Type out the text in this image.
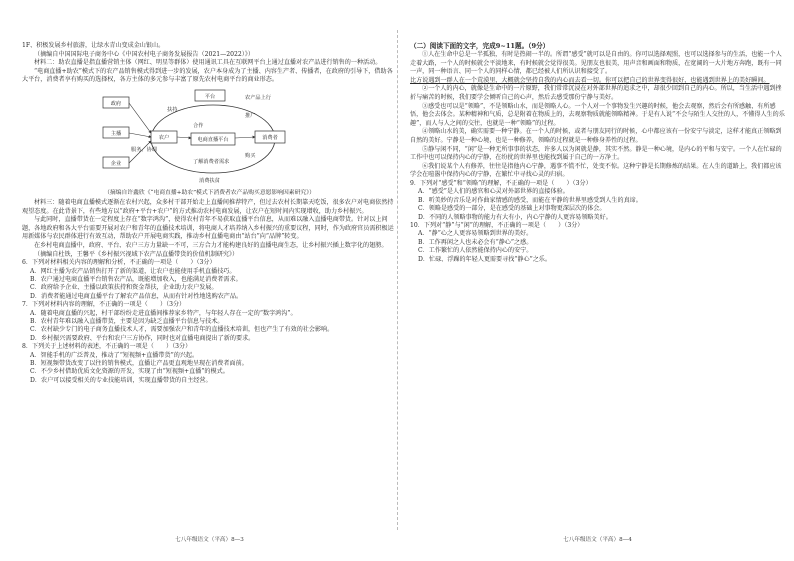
1F、积极发展乡村旅游，让绿水青山变成金山银山。

（摘编自中国国际电子商务中心《中国农村电子商务发展报告（2021—2022）》）

材料二：助农直播是指直播营销主体（网红、明星等群体）使用通讯工具在互联网平台上通过直播对农产品进行销售的一种活动。

“电商直播+助农”模式下的农产品销售模式得到进一步的发展，农户本身成为了主播、内容生产者、传播者，在政府的引导下，借助各大平台，消费者享有购买的选择权，各方主体的多元参与丰富了原先农村电商平台的商业形态。

政府
主播
企业
平台
农户	电商直播平台	消费者
农产品上行
扶持
合作
服务、协调
推广
购买
了解消费者需求
消费扶贫

（摘编自许鑫欣《“电商直播+助农”模式下消费者农产品购买意愿影响因素研究》）

材料三：随着电商直播模式逐渐在农村兴起，众多村干部开始走上直播间推荐特产，但过去农村长期靠天吃饭，很多农户对电商依然持观望态度。在此背景下，有些地方以“政府+平台+农户”的方式推动农村电商发展，让农户在短时间内实现增收，助力乡村振兴。

与此同时，直播带货在一定程度上存在“数字鸿沟”，使得农村青年不易获取直播平台信息，从而难以融入直播电商带货。针对以上问题，各地政府和各大平台需要开展对农户和青年的直播技术培训，将电商人才培养纳入乡村振兴的重要议程，同时，作为政府官员需积极运用新媒体与农民群体进行有效互动，帮助农户开展电商实践，推动乡村直播电商由“站台”向“品牌”转变。

在乡村电商直播中，政府、平台、农户三方力量缺一不可，三方合力才能构建良好的直播电商生态，让乡村振兴插上数字化的翅膀。

（摘编自杜铁，王馨平《乡村振兴视域下农产品直播带货的价值机制研究》）

6．下列对材料相关内容的理解和分析，不正确的一项是（　　）（3分）

A．网红主播为农产品销售打开了新的渠道，让农户也能使用手机直播技巧。

B．农户通过电商直播平台销售农产品，既能增加收入，也能满足消费者需求。

C．政府给予企业、主播以政策扶持和资金帮扶，企业助力农户发展。

D．消费者能通过电商直播平台了解农产品信息，从而有针对性地选购农产品。

7．下列对材料内容的理解，不正确的一项是（　　）（3分）

A．随着电商直播的兴起，村干部纷纷走进直播间推荐家乡特产，与年轻人存在一定的“数字鸿沟”。

B．农村青年难以融入直播带货，主要是因为缺乏直播平台信息与技术。

C．农村缺少专门的电子商务直播技术人才，需要加强农户和青年的直播技术培训，但也产生了有效的社会影响。

D．乡村振兴需要政府、平台和农户三方协作，同时也对直播电商提出了新的要求。

8．下列关于上述材料的表述，不正确的一项是（　　）（3分）

A．智能手机的广泛普及，推动了“短视频+直播带货”的兴起。

B．短视频带货改变了以往的销售模式，直播让产品更直观地呈现在消费者面前。

C．不少乡村借助优质文化资源的开发，实现了由“短视频+直播”的模式。

D．农户可以接受相关的专业技能培训，实现直播带货的自主经营。

七八年级语文（平高）8—3

（二）阅读下面的文字，完成9~11题。（9分）

①人在生命中总是一半孤独，有时是热闹一半的。所谓“感受”就可以是自由的。你可以选择观照，也可以选择参与的生活，也能一个人走着大路，一个人的时候就会平淡地来，有时候就会觉得很美。见朋友也很美，用声音和画面和物质，在宽阔的一大片地方奔跑，既有一同一声，同一种语言、同一个人的同样心情，都已经被人们所认识和接受了。

比方说遇到一群人在一个荒漠里，大概就会坚持自我的内心而去看一切。你可以把自己的世界变得很好，也能遇到世界上的美好瞬间。

②一个人的内心，就像是生命中的一片原野，我们常常沉浸在对外部世界的追求之中，却很少回到自己的内心。所以，当生活中遇到挫折与痛苦的时候，我们要学会倾听自己的心声，然后去感受那份宁静与美好。

③感受也可以是“领略”，不是领略山水，而是领略人心。一个人对一个事物发生兴趣的时候，他会去观察，然后会有所感触，有所感悟，他会去体会。某种精神和气质，总是附着在物质上的，去观察物质就能领略精神。于是有人说“不会与陌生人交往的人，不懂得人生的乐趣”，而人与人之间的交往，也就是一种“领略”的过程。

④领略山水的美，确实需要一种宁静。在一个人的时候，或者与朋友同行的时候，心中都应该有一份安宁与淡定，这样才能真正领略到自然的美好。宁静是一种心境，也是一种修养，领略的过程就是一种修身养性的过程。

⑤静与闲不同，“闲”是一种无所事事的状态，许多人以为闲就是静，其实不然。静是一种心境，是内心的平和与安宁。一个人在忙碌的工作中也可以保持内心的宁静，在纷扰的世界里也能找到属于自己的一方净土。

⑥我们说某个人有修养，往往是指他内心宁静，遇事不慌不忙，处变不惊。这种宁静是长期修炼的结果。在人生的道路上，我们都应该学会在喧嚣中保持内心的宁静，在繁忙中寻找心灵的归宿。

9．下列对“感受”和“领略”的理解，不正确的一项是（　　）（3分）

A．“感受”是人们的感官和心灵对外部世界的直接体验。

B．听美妙的音乐是对作曲家情感的感受，而能在平静的世界里感受到人生的真谛。

C．领略是感受的一部分，是在感受的基础上对事物更深层次的体会。

D．不同的人领略事物的能力有大有小，内心宁静的人更容易领略美好。

10．下列对“静”与“闲”的理解，不正确的一项是（　　）（3分）

A．“静”心之人更容易领略到世界的美好。

B．工作再闲之人也未必会有“静心”之感。

C．工作繁忙的人依然能保持内心的安宁。

D．忙碌、浮躁的年轻人更需要寻找“静心”之乐。

七八年级语文（平高）8—4
